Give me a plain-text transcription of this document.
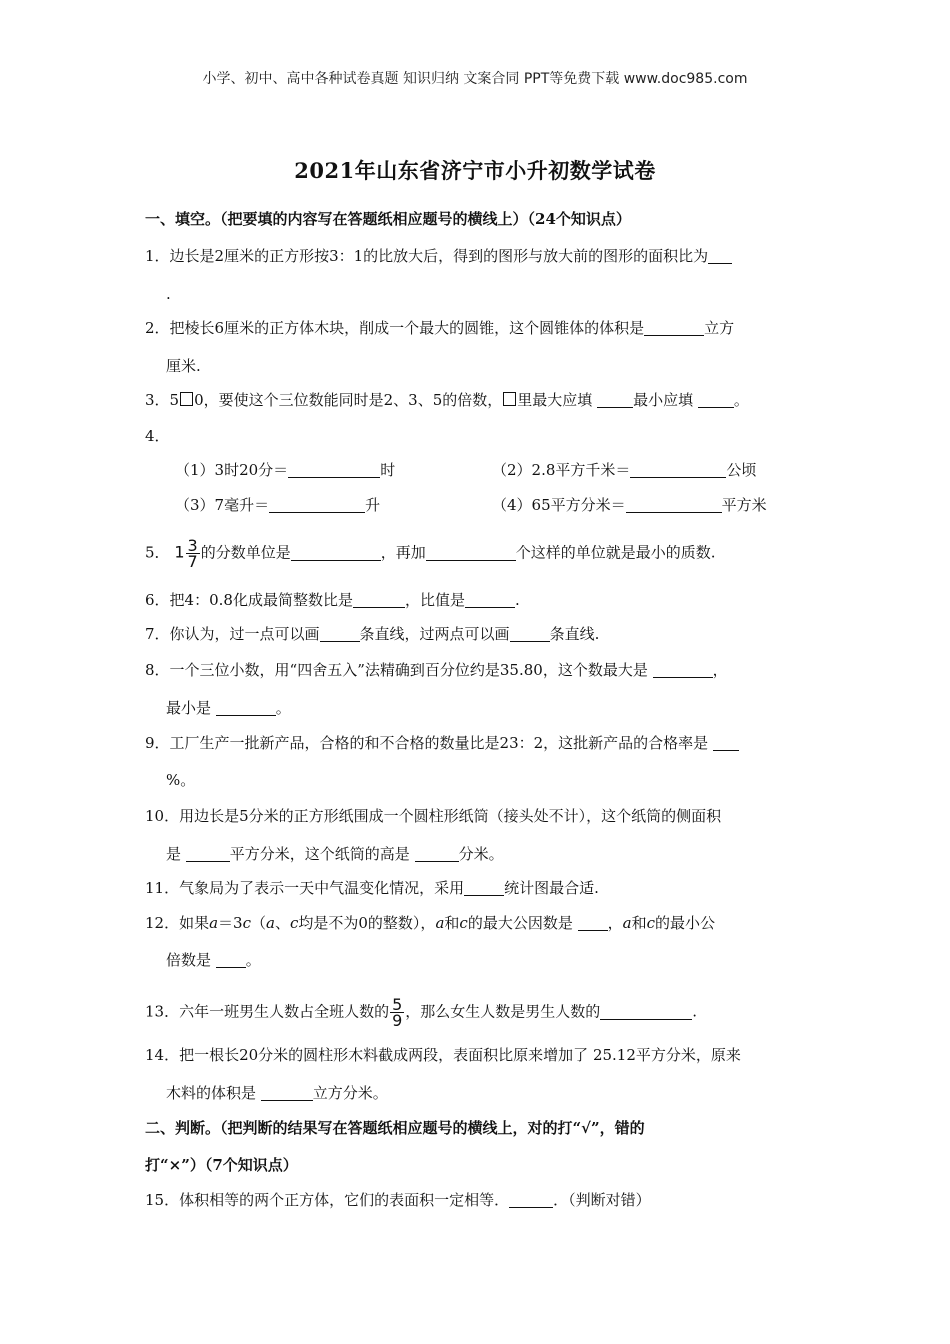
小学、初中、高中各种试卷真题 知识归纳 文案合同 PPT等免费下载 www.doc985.com
2021年山东省济宁市小升初数学试卷
一、填空。（把要填的内容写在答题纸相应题号的横线上）（24个知识点）
1．边长是2厘米的正方形按3：1的比放大后，得到的图形与放大前的图形的面积比为
.
2．把棱长6厘米的正方体木块，削成一个最大的圆锥，这个圆锥体的体积是	立方
厘米.
3．5 0，要使这个三位数能同时是2、3、5的倍数， 里最大应填 最小应填 。
4．
（1）3时20分＝	时	（2）2.8平方千米＝	公顷
（3）7毫升＝	升	（4）65平方分米＝	平方米
5． $1 \frac{3}{7}$ 的分数单位是	，再加	个这样的单位就是最小的质数.
6．把4：0.8化成最简整数比是	，比值是	.
7．你认为，过一点可以画	条直线，过两点可以画	条直线.
8．一个三位小数，用“四舍五入”法精确到百分位约是35.80，这个数最大是	，
最小是	。
9．工厂生产一批新产品，合格的和不合格的数量比是23：2，这批新产品的合格率是
%。
10．用边长是5分米的正方形纸围成一个圆柱形纸筒（接头处不计），这个纸筒的侧面积
是	平方分米，这个纸筒的高是	分米。
11．气象局为了表示一天中气温变化情况，采用	统计图最合适.
12．如果a＝3c（a、c均是不为0的整数），a和c的最大公因数是 ，a和c的最小公
倍数是 。
13．六年一班男生人数占全班人数的 $\frac{5}{9}$ ，那么女生人数是男生人数的	.
14．把一根长20分米的圆柱形木料截成两段，表面积比原来增加了 25.12平方分米，原来
木料的体积是	立方分米。
二、判断。（把判断的结果写在答题纸相应题号的横线上，对的打“√”，错的
打“×”）（7个知识点）
15．体积相等的两个正方体，它们的表面积一定相等．	．（判断对错）
